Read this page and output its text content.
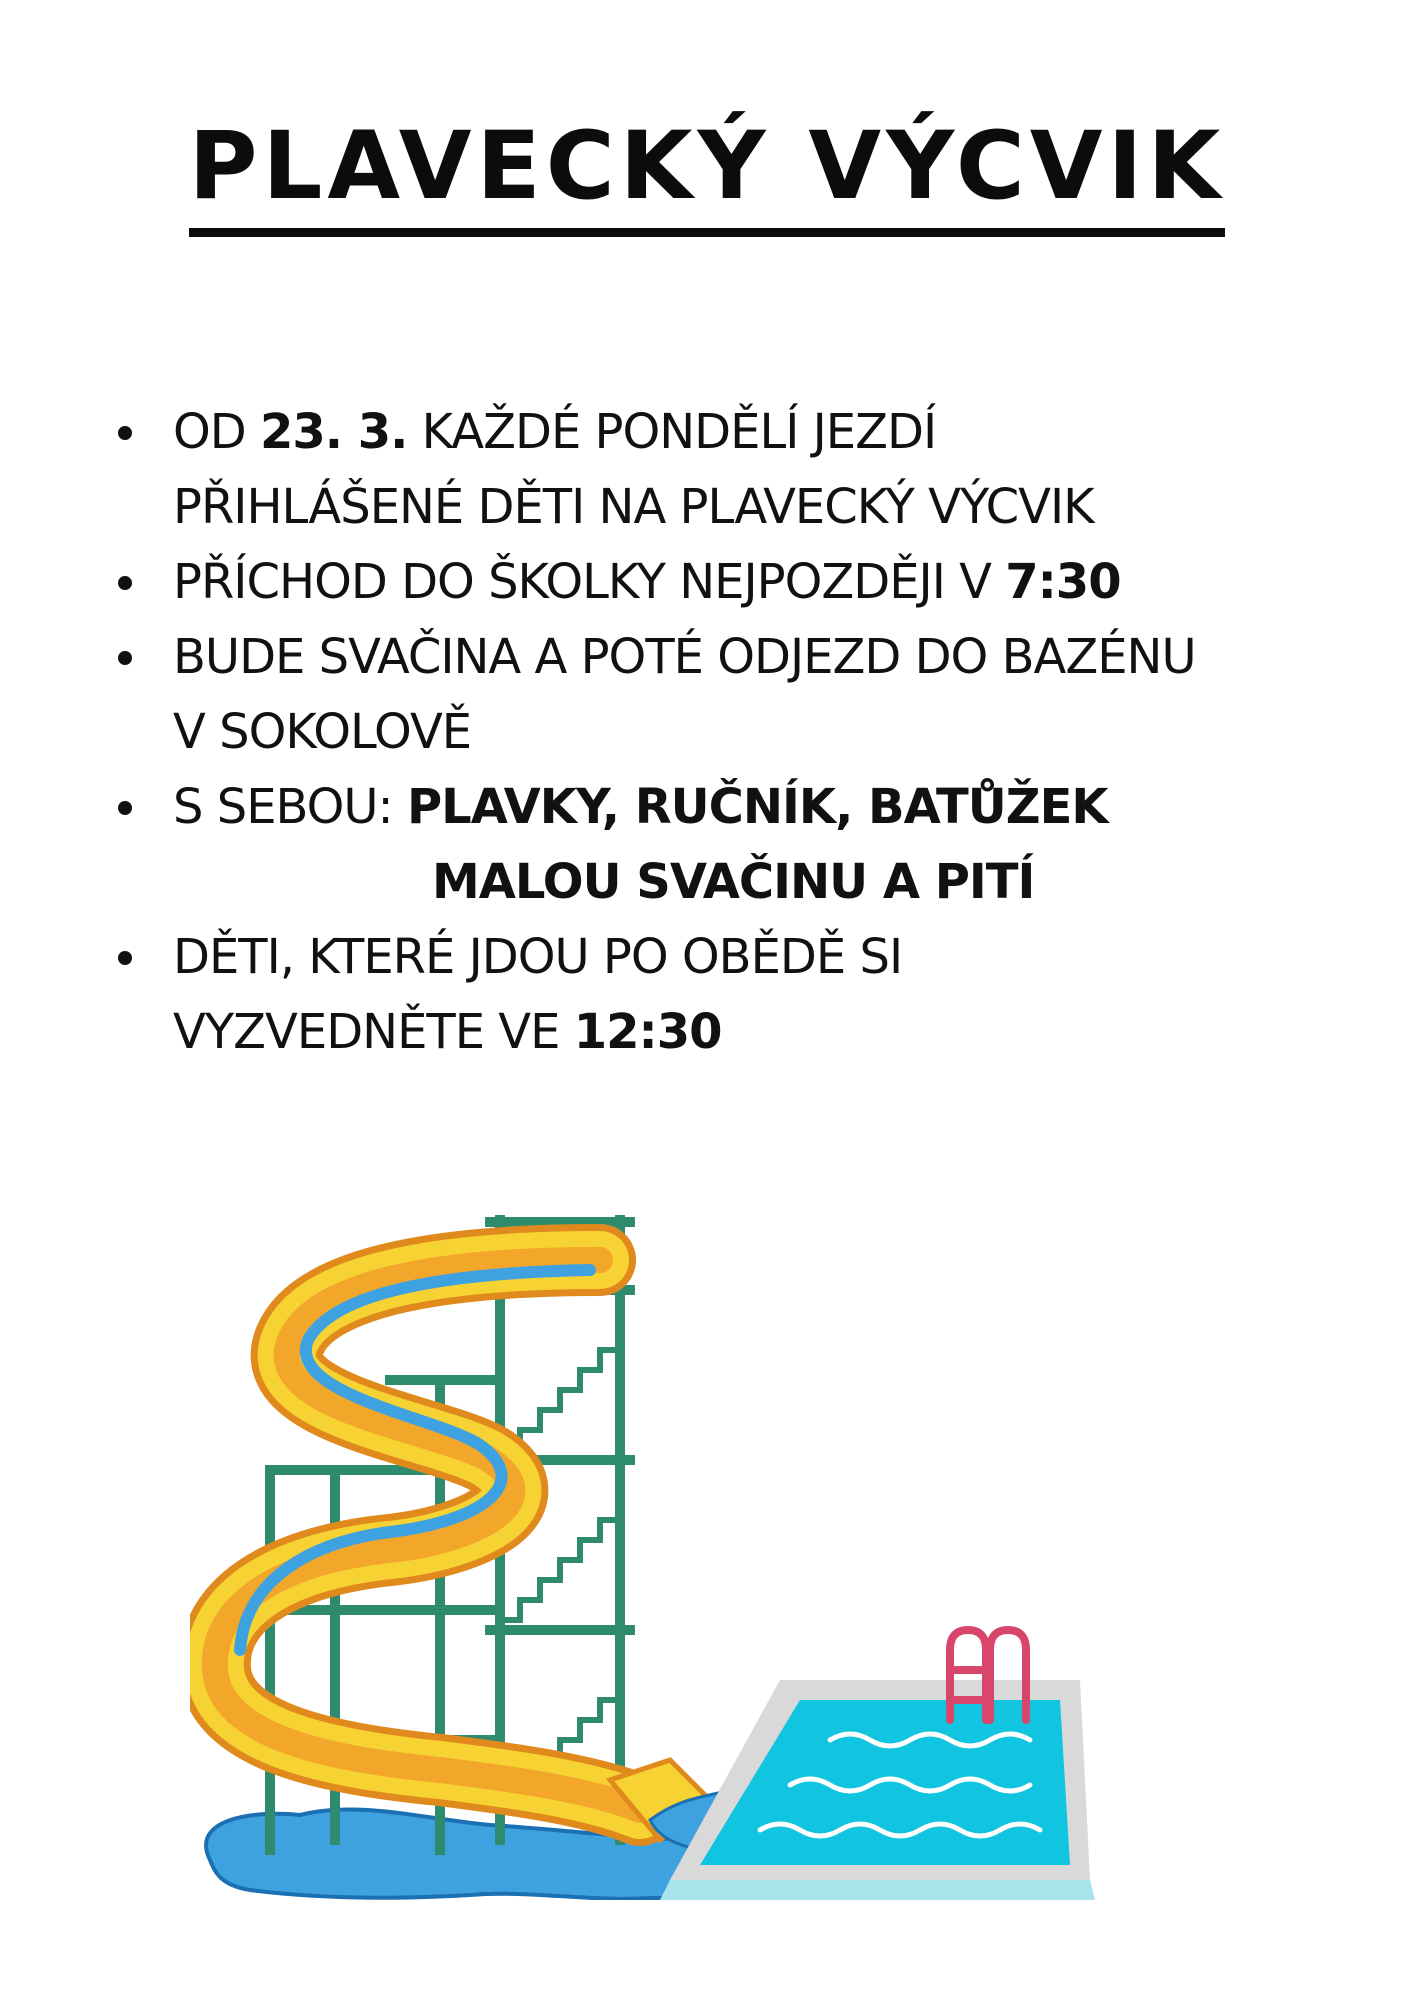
PLAVECKÝ VÝCVIK
OD 23. 3. KAŽDÉ PONDĚLÍ JEZDÍ
PŘIHLÁŠENÉ DĚTI NA PLAVECKÝ VÝCVIK
PŘÍCHOD DO ŠKOLKY NEJPOZDĚJI V 7:30
BUDE SVAČINA A POTÉ ODJEZD DO BAZÉNU
V SOKOLOVĚ
S SEBOU: PLAVKY, RUČNÍK, BATŮŽEK
MALOU SVAČINU A PITÍ
DĚTI, KTERÉ JDOU PO OBĚDĚ SI
VYZVEDNĚTE VE 12:30
